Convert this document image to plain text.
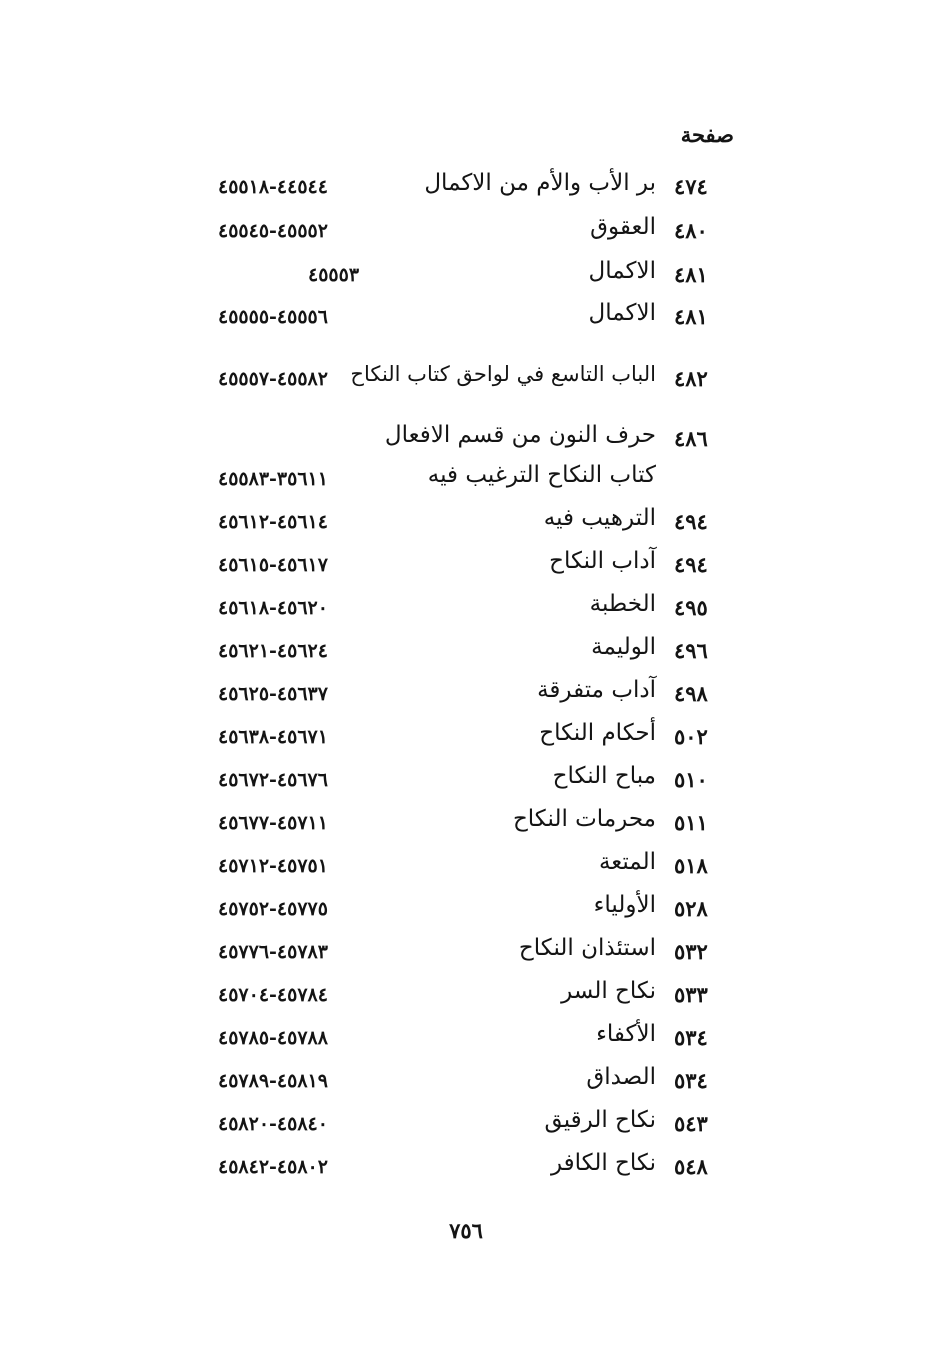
صفحة
٤٧٤
بر الأب والأم من الاكمال
٤٤٥٤٤-٤٥٥١٨
٤٨٠
العقوق
٤٥٥٥٢-٤٥٥٤٥
٤٨١
الاكمال
٤٥٥٥٣
٤٨١
الاكمال
٤٥٥٥٦-٤٥٥٥٥
٤٨٢
الباب التاسع في لواحق كتاب النكاح
٤٥٥٨٢-٤٥٥٥٧
٤٨٦
حرف النون من قسم الافعال
كتاب النكاح الترغيب فيه
٣٥٦١١-٤٥٥٨٣
٤٩٤
الترهيب فيه
٤٥٦١٤-٤٥٦١٢
٤٩٤
آداب النكاح
٤٥٦١٧-٤٥٦١٥
٤٩٥
الخطبة
٤٥٦٢٠-٤٥٦١٨
٤٩٦
الوليمة
٤٥٦٢٤-٤٥٦٢١
٤٩٨
آداب متفرقة
٤٥٦٣٧-٤٥٦٢٥
٥٠٢
أحكام النكاح
٤٥٦٧١-٤٥٦٣٨
٥١٠
مباح النكاح
٤٥٦٧٦-٤٥٦٧٢
٥١١
محرمات النكاح
٤٥٧١١-٤٥٦٧٧
٥١٨
المتعة
٤٥٧٥١-٤٥٧١٢
٥٢٨
الأولياء
٤٥٧٧٥-٤٥٧٥٢
٥٣٢
استئذان النكاح
٤٥٧٨٣-٤٥٧٧٦
٥٣٣
نكاح السر
٤٥٧٨٤-٤٥٧٠٤
٥٣٤
الأكفاء
٤٥٧٨٨-٤٥٧٨٥
٥٣٤
الصداق
٤٥٨١٩-٤٥٧٨٩
٥٤٣
نكاح الرقيق
٤٥٨٤٠-٤٥٨٢٠
٥٤٨
نكاح الكافر
٤٥٨٠٢-٤٥٨٤٢
٧٥٦
